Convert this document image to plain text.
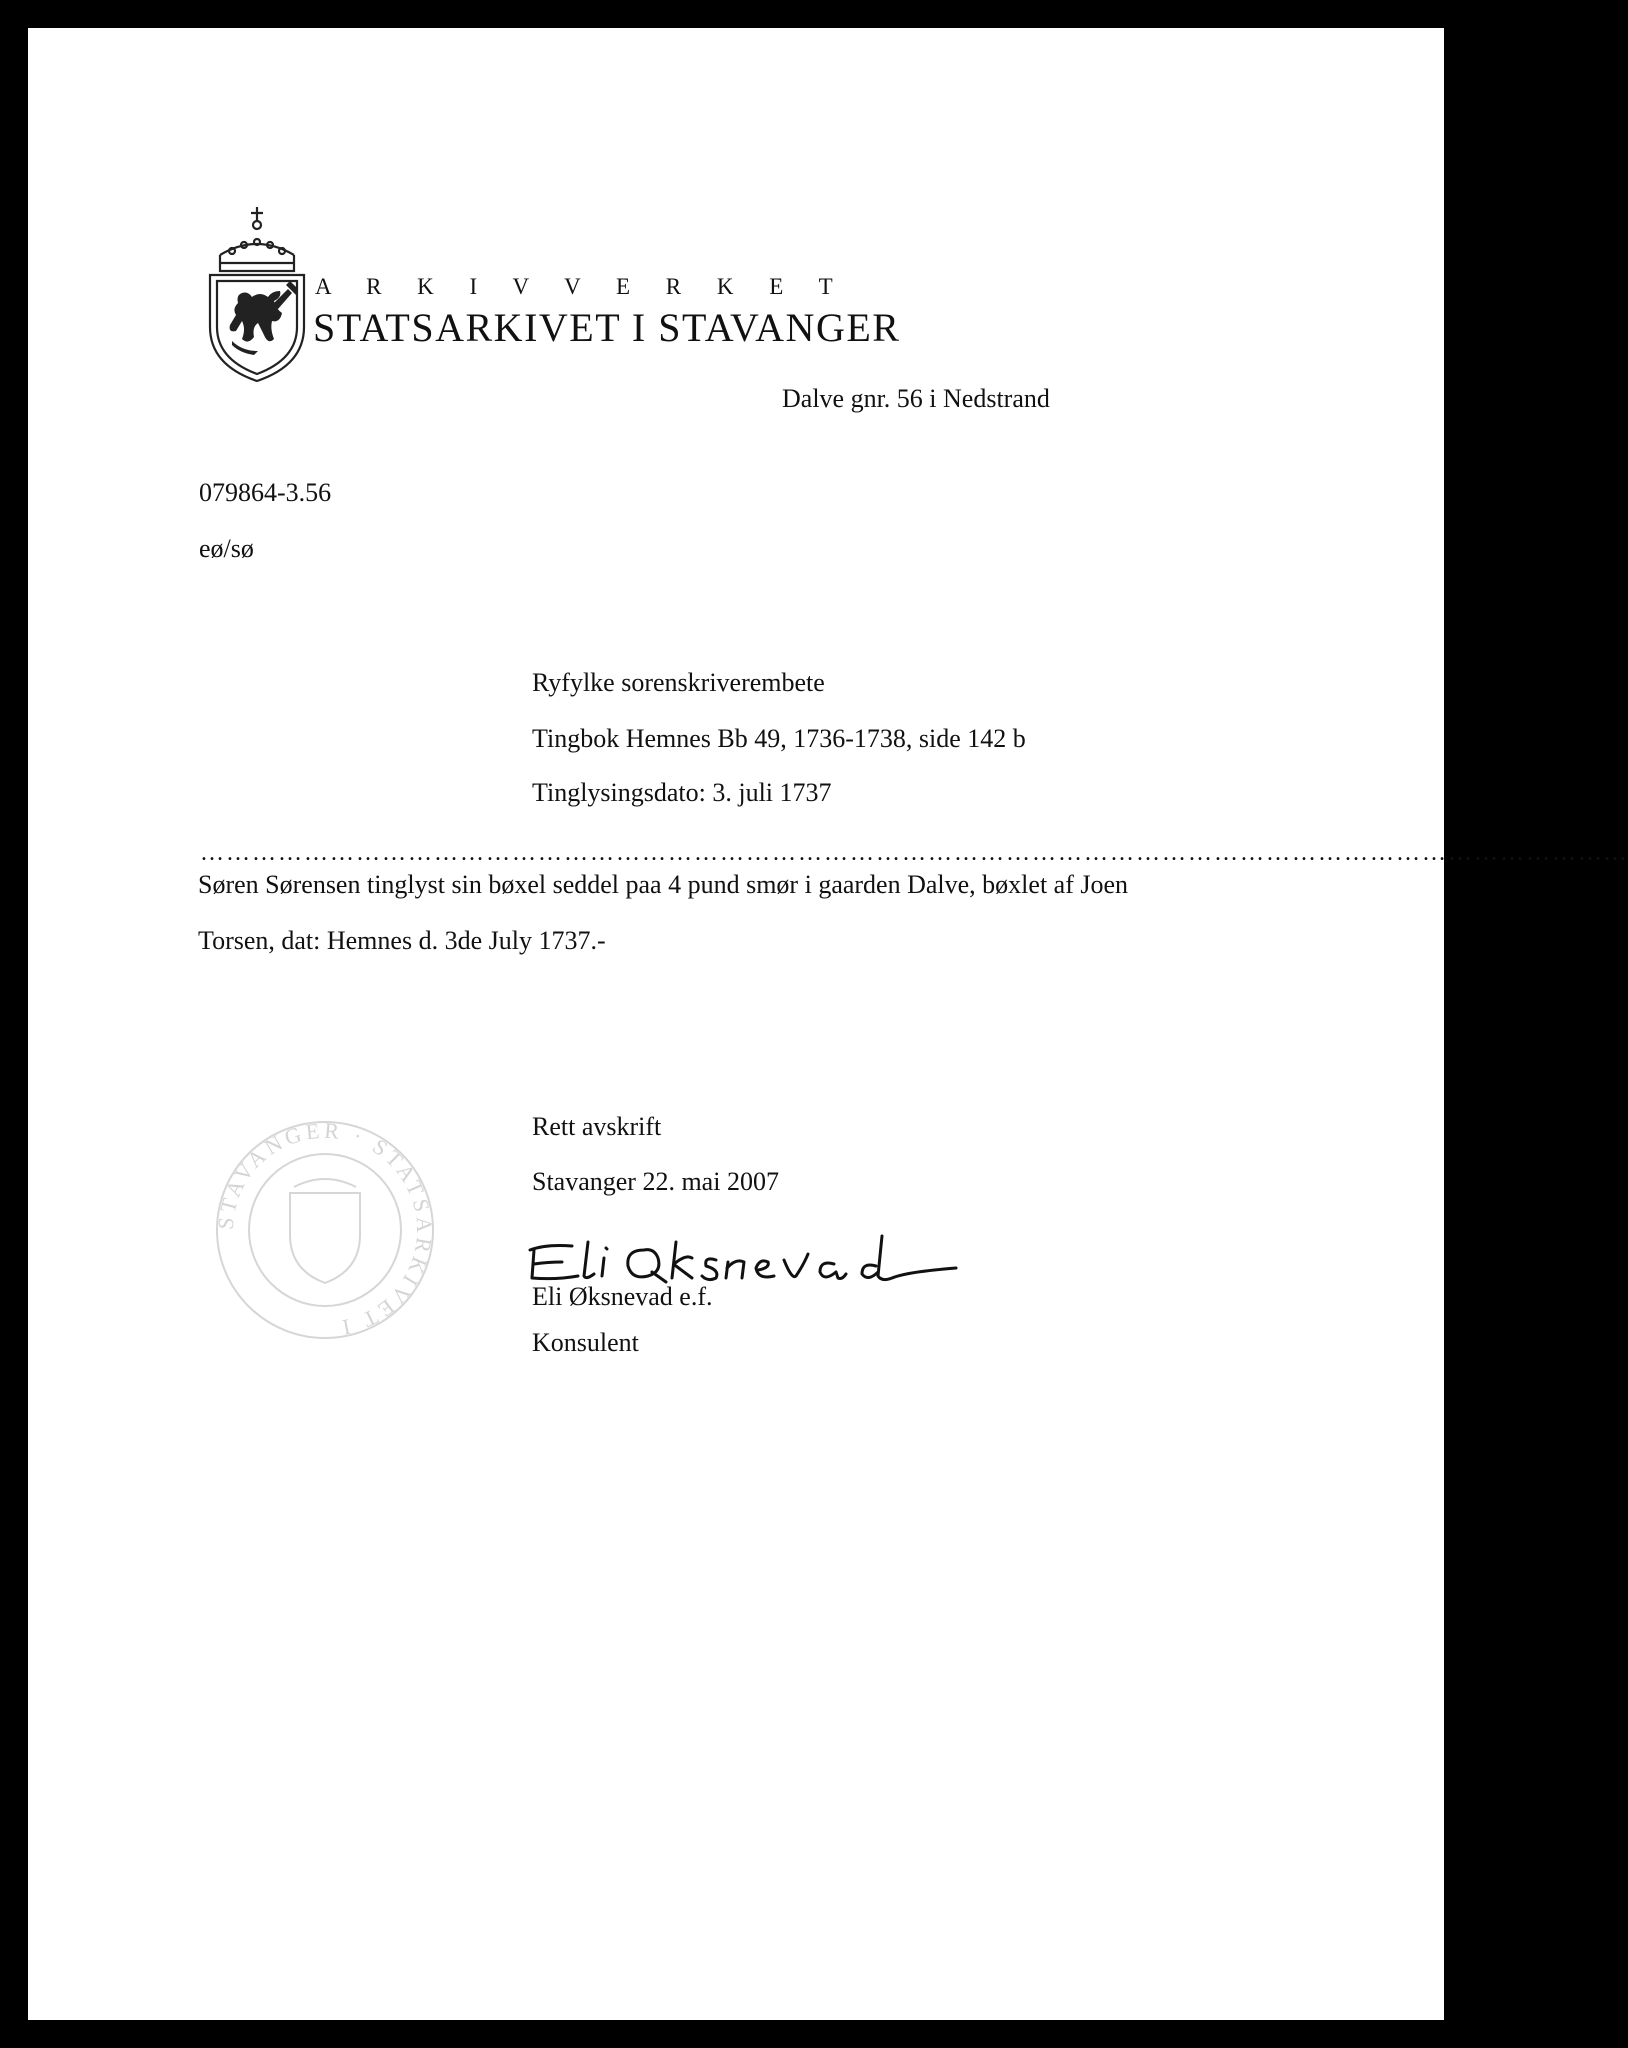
A R K I V V E R K E T
STATSARKIVET I STAVANGER
Dalve gnr. 56 i Nedstrand
079864-3.56
eø/sø
Ryfylke sorenskriverembete
Tingbok Hemnes Bb 49, 1736-1738, side 142 b
Tinglysingsdato: 3. juli 1737
………………………………………………………………………………………………………………………………………………...
Søren Sørensen tinglyst sin bøxel seddel paa 4 pund smør i gaarden Dalve, bøxlet af Joen
Torsen, dat: Hemnes d. 3de July 1737.-
STAVANGER · STATSARKIVET I
Rett avskrift
Stavanger 22. mai 2007
Eli Øksnevad e.f.
Konsulent
